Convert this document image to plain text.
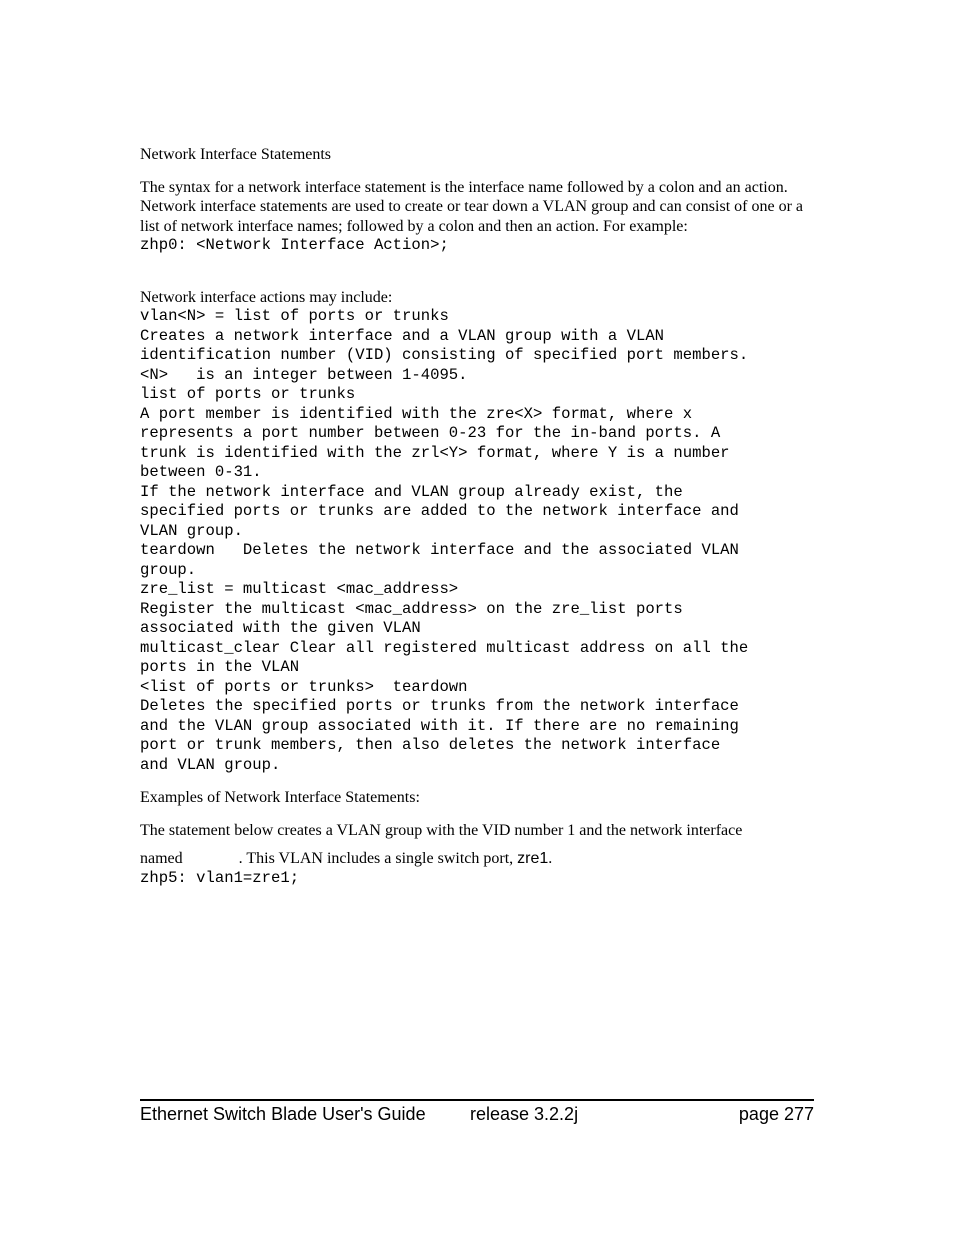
Network Interface Statements

The syntax for a network interface statement is the interface name followed by a colon and an action. Network interface statements are used to create or tear down a VLAN group and can consist of one or a list of network interface names; followed by a colon and then an action. For example:

zhp0: <Network Interface Action>;

Network interface actions may include:

vlan<N> = list of ports or trunks
Creates a network interface and a VLAN group with a VLAN
identification number (VID) consisting of specified port members.
<N>   is an integer between 1-4095.
list of ports or trunks
A port member is identified with the zre<X> format, where x
represents a port number between 0-23 for the in-band ports. A
trunk is identified with the zrl<Y> format, where Y is a number
between 0-31.
If the network interface and VLAN group already exist, the
specified ports or trunks are added to the network interface and
VLAN group.
teardown   Deletes the network interface and the associated VLAN
group.
zre_list = multicast <mac_address>
Register the multicast <mac_address> on the zre_list ports
associated with the given VLAN
multicast_clear Clear all registered multicast address on all the
ports in the VLAN
<list of ports or trunks>  teardown
Deletes the specified ports or trunks from the network interface
and the VLAN group associated with it. If there are no remaining
port or trunk members, then also deletes the network interface
and VLAN group.

Examples of Network Interface Statements:

The statement below creates a VLAN group with the VID number 1 and the network interface

named	. This VLAN includes a single switch port, zre1.

zhp5: vlan1=zre1;
Ethernet Switch Blade User's Guide release 3.2.2j	page 277
